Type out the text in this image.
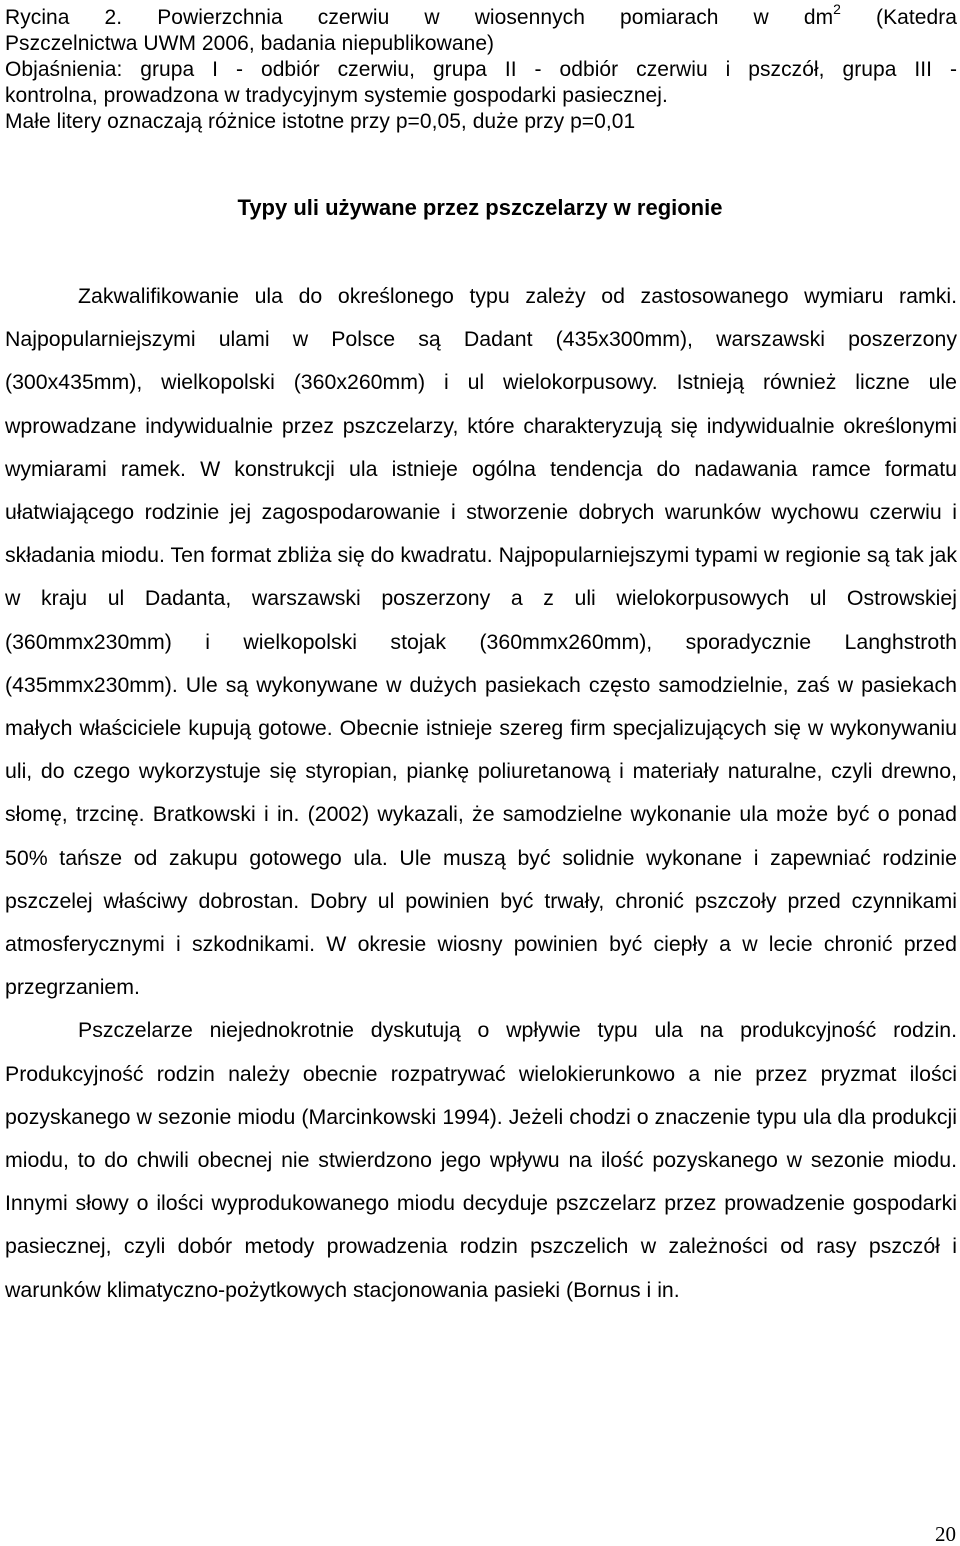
Rycina 2. Powierzchnia czerwiu w wiosennych pomiarach w $dm^2$ (Katedra
Pszczelnictwa UWM 2006, badania niepublikowane)
Objaśnienia: grupa I - odbiór czerwiu, grupa II - odbiór czerwiu i pszczół, grupa III -
kontrolna, prowadzona w tradycyjnym systemie gospodarki pasiecznej.
Małe litery oznaczają różnice istotne przy p=0,05, duże przy p=0,01
Typy uli używane przez pszczelarzy w regionie

Zakwalifikowanie ula do określonego typu zależy od zastosowanego wymiaru ramki. Najpopularniejszymi ulami w Polsce są Dadant (435x300mm), warszawski poszerzony (300x435mm), wielkopolski (360x260mm) i ul wielokorpusowy. Istnieją również liczne ule wprowadzane indywidualnie przez pszczelarzy, które charakteryzują się indywidualnie określonymi wymiarami ramek. W konstrukcji ula istnieje ogólna tendencja do nadawania ramce formatu ułatwiającego rodzinie jej zagospodarowanie i stworzenie dobrych warunków wychowu czerwiu i składania miodu. Ten format zbliża się do kwadratu. Najpopularniejszymi typami w regionie są tak jak w kraju ul Dadanta, warszawski poszerzony a z uli wielokorpusowych ul Ostrowskiej (360mmx230mm) i wielkopolski stojak (360mmx260mm), sporadycznie Langhstroth (435mmx230mm). Ule są wykonywane w dużych pasiekach często samodzielnie, zaś w pasiekach małych właściciele kupują gotowe. Obecnie istnieje szereg firm specjalizujących się w wykonywaniu uli, do czego wykorzystuje się styropian, piankę poliuretanową i materiały naturalne, czyli drewno, słomę, trzcinę. Bratkowski i in. (2002) wykazali, że samodzielne wykonanie ula może być o ponad 50% tańsze od zakupu gotowego ula. Ule muszą być solidnie wykonane i zapewniać rodzinie pszczelej właściwy dobrostan. Dobry ul powinien być trwały, chronić pszczoły przed czynnikami atmosferycznymi i szkodnikami. W okresie wiosny powinien być ciepły a w lecie chronić przed przegrzaniem.

Pszczelarze niejednokrotnie dyskutują o wpływie typu ula na produkcyjność rodzin. Produkcyjność rodzin należy obecnie rozpatrywać wielokierunkowo a nie przez pryzmat ilości pozyskanego w sezonie miodu (Marcinkowski 1994). Jeżeli chodzi o znaczenie typu ula dla produkcji miodu, to do chwili obecnej nie stwierdzono jego wpływu na ilość pozyskanego w sezonie miodu. Innymi słowy o ilości wyprodukowanego miodu decyduje pszczelarz przez prowadzenie gospodarki pasiecznej, czyli dobór metody prowadzenia rodzin pszczelich w zależności od rasy pszczół i warunków klimatyczno-pożytkowych stacjonowania pasieki (Bornus i in.

20
